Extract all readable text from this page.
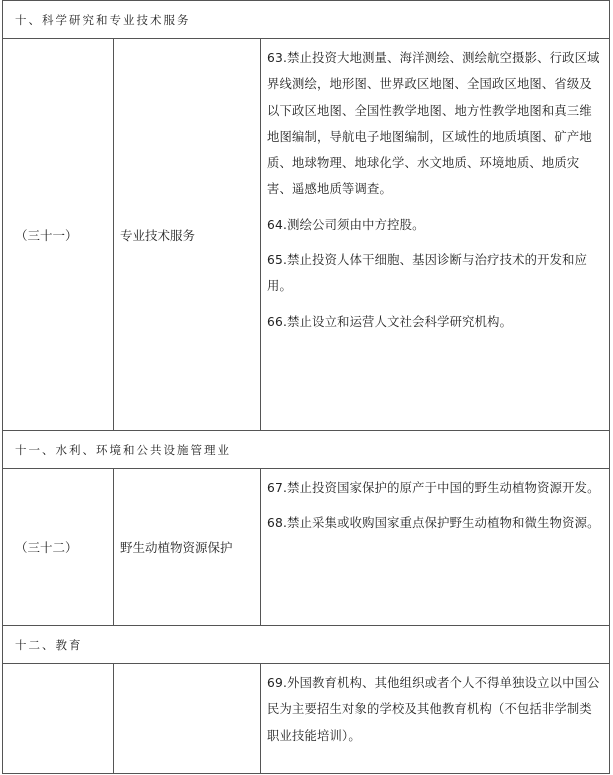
十、科学研究和专业技术服务		
（三十一）	专业技术服务	63.禁止投资大地测量、海洋测绘、测绘航空摄影、行政区域界线测绘，地形图、世界政区地图、全国政区地图、省级及以下政区地图、全国性教学地图、地方性教学地图和真三维地图编制，导航电子地图编制，区域性的地质填图、矿产地质、地球物理、地球化学、水文地质、环境地质、地质灾害、遥感地质等调查。

64.测绘公司须由中方控股。

65.禁止投资人体干细胞、基因诊断与治疗技术的开发和应用。

66.禁止设立和运营人文社会科学研究机构。

十一、水利、环境和公共设施管理业		
（三十二）	野生动植物资源保护	67.禁止投资国家保护的原产于中国的野生动植物资源开发。

68.禁止采集或收购国家重点保护野生动植物和微生物资源。

十二、教育		

		69.外国教育机构、其他组织或者个人不得单独设立以中国公民为主要招生对象的学校及其他教育机构（不包括非学制类职业技能培训）。
